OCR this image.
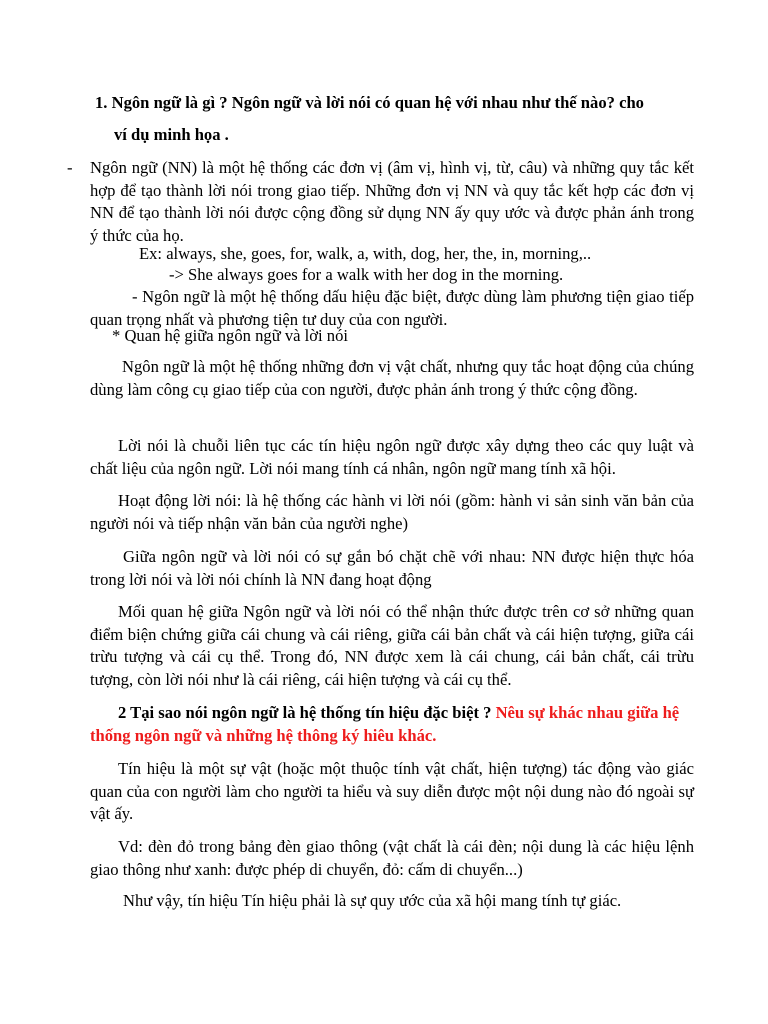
1. Ngôn ngữ là gì ? Ngôn ngữ và lời nói có quan hệ với nhau như thế nào? cho
ví dụ minh họa .
- Ngôn ngữ (NN) là một hệ thống các đơn vị (âm vị, hình vị, từ, câu) và những quy tắc kết hợp để tạo thành lời nói trong giao tiếp. Những đơn vị NN và quy tắc kết hợp các đơn vị NN để tạo thành lời nói được cộng đồng sử dụng NN ấy quy ước và được phản ánh trong ý thức của họ.

Ex: always, she, goes, for, walk, a, with, dog, her, the, in, morning,..
-> She always goes for a walk with her dog in the morning.

- Ngôn ngữ là một hệ thống dấu hiệu đặc biệt, được dùng làm phương tiện giao tiếp quan trọng nhất và phương tiện tư duy của con người.

* Quan hệ giữa ngôn ngữ và lời nói

Ngôn ngữ là một hệ thống những đơn vị vật chất, nhưng quy tắc hoạt động của chúng dùng làm công cụ giao tiếp của con người, được phản ánh trong ý thức cộng đồng.

Lời nói là chuỗi liên tục các tín hiệu ngôn ngữ được xây dựng theo các quy luật và chất liệu của ngôn ngữ. Lời nói mang tính cá nhân, ngôn ngữ mang tính xã hội.

Hoạt động lời nói: là hệ thống các hành vi lời nói (gồm: hành vi sản sinh văn bản của người nói và tiếp nhận văn bản của người nghe)

Giữa ngôn ngữ và lời nói có sự gắn bó chặt chẽ với nhau: NN được hiện thực hóa trong lời nói và lời nói chính là NN đang hoạt động

Mối quan hệ giữa Ngôn ngữ và lời nói có thể nhận thức được trên cơ sở những quan điểm biện chứng giữa cái chung và cái riêng, giữa cái bản chất và cái hiện tượng, giữa cái trừu tượng và cái cụ thể. Trong đó, NN được xem là cái chung, cái bản chất, cái trừu tượng, còn lời nói như là cái riêng, cái hiện tượng và cái cụ thể.

2 Tại sao nói ngôn ngữ là hệ thống tín hiệu đặc biệt ? Nêu sự khác nhau giữa hệ thống ngôn ngữ và những hệ thông ký hiêu khác.

Tín hiệu là một sự vật (hoặc một thuộc tính vật chất, hiện tượng) tác động vào giác quan của con người làm cho người ta hiểu và suy diễn được một nội dung nào đó ngoài sự vật ấy.

Vd: đèn đỏ trong bảng đèn giao thông (vật chất là cái đèn; nội dung là các hiệu lệnh giao thông như xanh: được phép di chuyển, đỏ: cấm di chuyển...)

Như vậy, tín hiệu Tín hiệu phải là sự quy ước của xã hội mang tính tự giác.
